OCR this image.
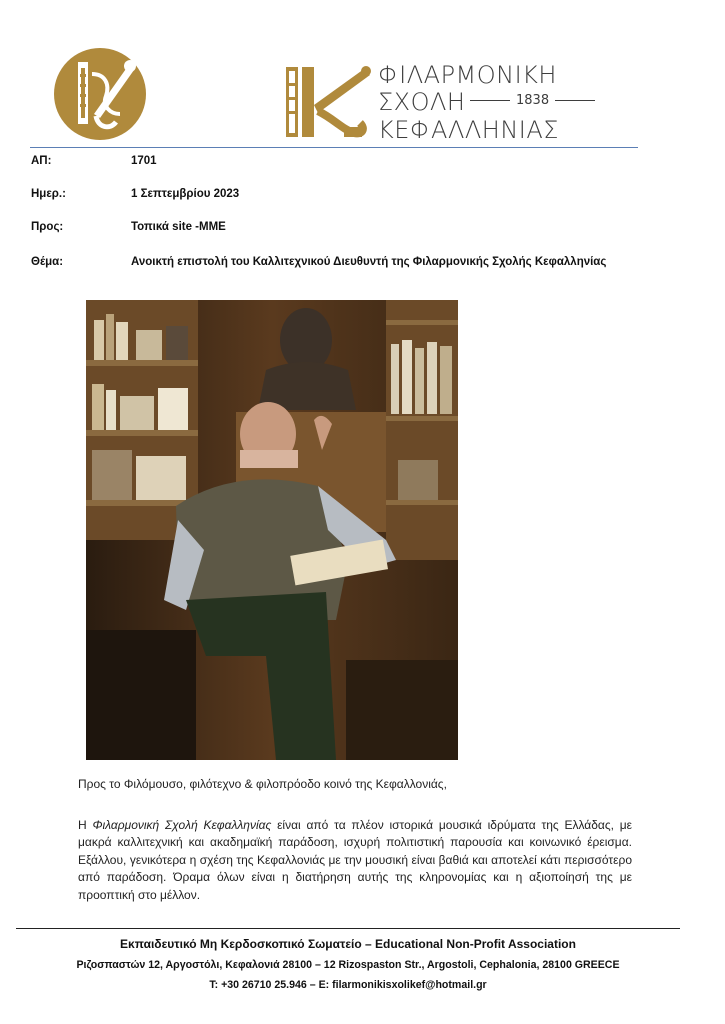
ΦΙΛΑΡΜΟΝΙΚΗ
ΣΧΟΛΗ	1838
ΚΕΦΑΛΛΗΝΙΑΣ
ΑΠ:	1701
Ημερ.:	1 Σεπτεμβρίου 2023
Προς:	Τοπικά site -ΜΜΕ
Θέμα:	Ανοικτή επιστολή του Καλλιτεχνικού Διευθυντή της Φιλαρμονικής Σχολής Κεφαλληνίας
Προς το Φιλόμουσο, φιλότεχνο & φιλοπρόοδο κοινό της Κεφαλλονιάς,
Η Φιλαρμονική Σχολή Κεφαλληνίας είναι από τα πλέον ιστορικά μουσικά ιδρύματα της Ελλάδας, με μακρά καλλιτεχνική και ακαδημαϊκή παράδοση, ισχυρή πολιτιστική παρουσία και κοινωνικό έρεισμα. Εξάλλου, γενικότερα η σχέση της Κεφαλλονιάς με την μουσική είναι βαθιά και αποτελεί κάτι περισσότερο από παράδοση. Όραμα όλων είναι η διατήρηση αυτής της κληρονομίας και η αξιοποίησή της με προοπτική στο μέλλον.
Εκπαιδευτικό Μη Κερδοσκοπικό Σωματείο – Educational Non-Profit Association
Ριζοσπαστών 12, Αργοστόλι, Κεφαλονιά 28100 – 12 Rizospaston Str., Argostoli, Cephalonia, 28100 GREECE
T: +30 26710 25.946 – E: filarmonikisxolikef@hotmail.gr
